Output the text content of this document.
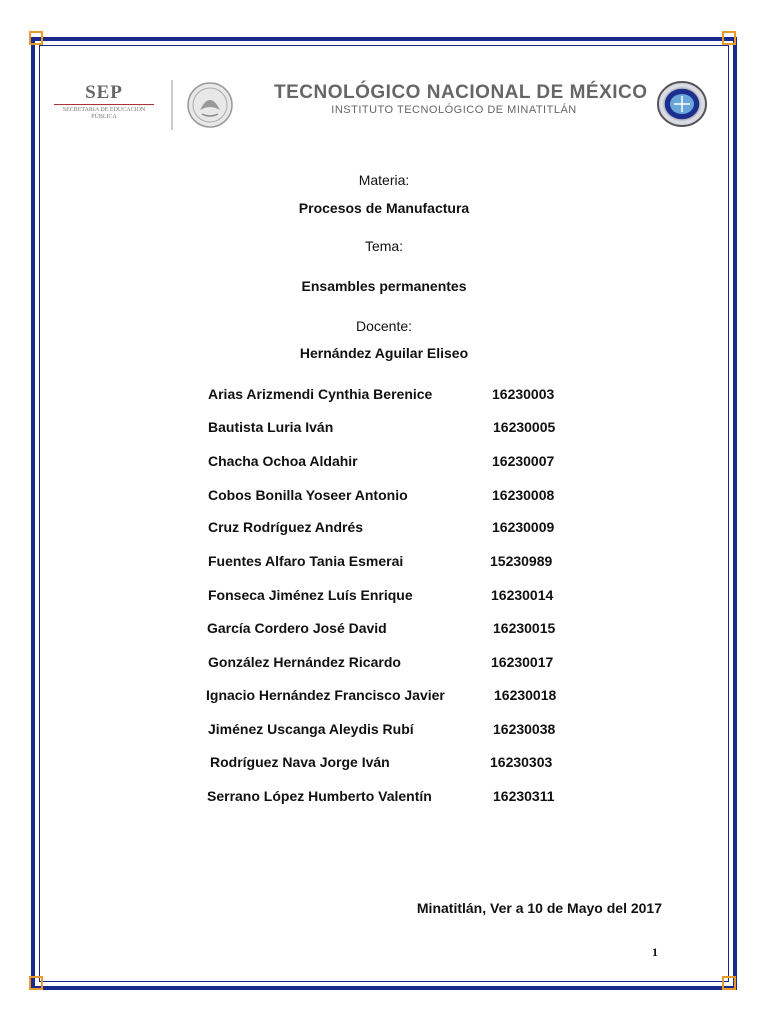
SEP
SECRETARÍA DE EDUCACIÓN PÚBLICA
TECNOLÓGICO NACIONAL DE MÉXICO
INSTITUTO TECNOLÓGICO DE MINATITLÁN
Materia:
Procesos de Manufactura
Tema:
Ensambles permanentes
Docente:
Hernández Aguilar Eliseo
Arias Arizmendi Cynthia Berenice	16230003
Bautista Luria Iván	16230005
Chacha Ochoa Aldahir	16230007
Cobos Bonilla Yoseer Antonio	16230008
Cruz Rodríguez Andrés	16230009
Fuentes Alfaro Tania Esmerai	15230989
Fonseca Jiménez Luís Enrique	16230014
García Cordero José David	16230015
González Hernández Ricardo	16230017
Ignacio Hernández Francisco Javier	16230018
Jiménez Uscanga Aleydis Rubí	16230038
Rodríguez Nava Jorge Iván	16230303
Serrano López Humberto Valentín	16230311
Minatitlán, Ver a 10 de Mayo del 2017
1
